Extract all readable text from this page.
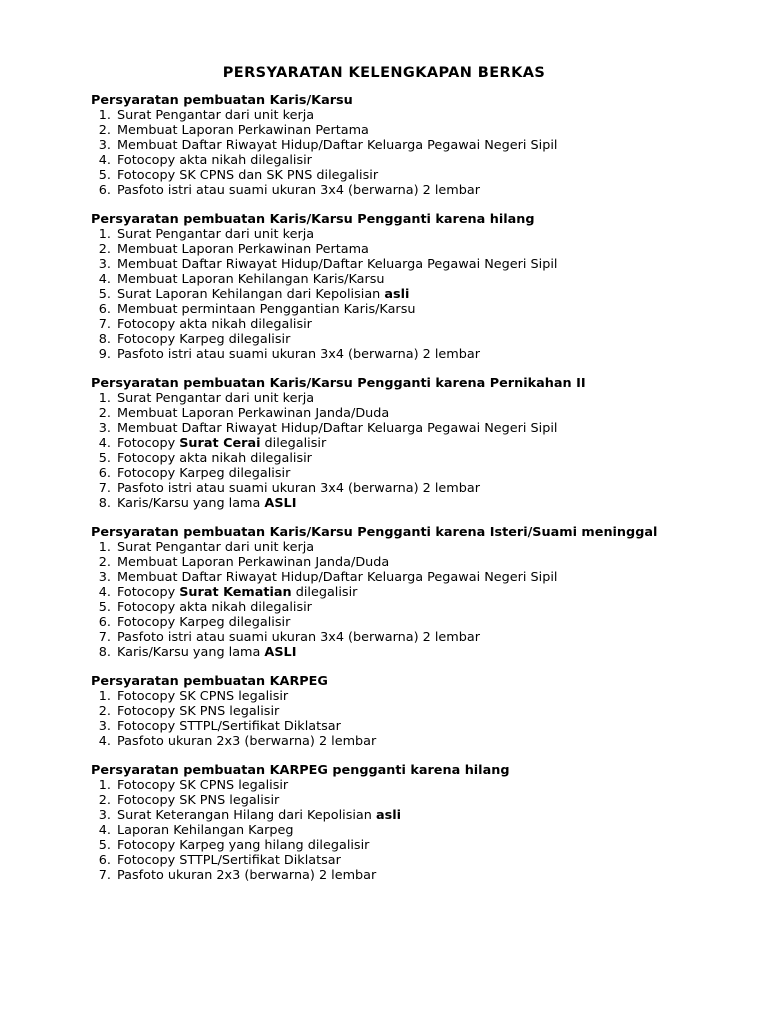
PERSYARATAN KELENGKAPAN BERKAS
Persyaratan pembuatan Karis/Karsu
1. Surat Pengantar dari unit kerja
2. Membuat Laporan Perkawinan Pertama
3. Membuat Daftar Riwayat Hidup/Daftar Keluarga Pegawai Negeri Sipil
4. Fotocopy akta nikah dilegalisir
5. Fotocopy SK CPNS dan SK PNS dilegalisir
6. Pasfoto istri atau suami ukuran 3x4 (berwarna) 2 lembar
Persyaratan pembuatan Karis/Karsu Pengganti karena hilang
1. Surat Pengantar dari unit kerja
2. Membuat Laporan Perkawinan Pertama
3. Membuat Daftar Riwayat Hidup/Daftar Keluarga Pegawai Negeri Sipil
4. Membuat Laporan Kehilangan Karis/Karsu
5. Surat Laporan Kehilangan dari Kepolisian asli
6. Membuat permintaan Penggantian Karis/Karsu
7. Fotocopy akta nikah dilegalisir
8. Fotocopy Karpeg dilegalisir
9. Pasfoto istri atau suami ukuran 3x4 (berwarna) 2 lembar
Persyaratan pembuatan Karis/Karsu Pengganti karena Pernikahan II
1. Surat Pengantar dari unit kerja
2. Membuat Laporan Perkawinan Janda/Duda
3. Membuat Daftar Riwayat Hidup/Daftar Keluarga Pegawai Negeri Sipil
4. Fotocopy Surat Cerai dilegalisir
5. Fotocopy akta nikah dilegalisir
6. Fotocopy Karpeg dilegalisir
7. Pasfoto istri atau suami ukuran 3x4 (berwarna) 2 lembar
8. Karis/Karsu yang lama ASLI
Persyaratan pembuatan Karis/Karsu Pengganti karena Isteri/Suami meninggal
1. Surat Pengantar dari unit kerja
2. Membuat Laporan Perkawinan Janda/Duda
3. Membuat Daftar Riwayat Hidup/Daftar Keluarga Pegawai Negeri Sipil
4. Fotocopy Surat Kematian dilegalisir
5. Fotocopy akta nikah dilegalisir
6. Fotocopy Karpeg dilegalisir
7. Pasfoto istri atau suami ukuran 3x4 (berwarna) 2 lembar
8. Karis/Karsu yang lama ASLI
Persyaratan pembuatan KARPEG
1. Fotocopy SK CPNS legalisir
2. Fotocopy SK PNS legalisir
3. Fotocopy STTPL/Sertifikat Diklatsar
4. Pasfoto ukuran 2x3 (berwarna) 2 lembar
Persyaratan pembuatan KARPEG pengganti karena hilang
1. Fotocopy SK CPNS legalisir
2. Fotocopy SK PNS legalisir
3. Surat Keterangan Hilang dari Kepolisian asli
4. Laporan Kehilangan Karpeg
5. Fotocopy Karpeg yang hilang dilegalisir
6. Fotocopy STTPL/Sertifikat Diklatsar
7. Pasfoto ukuran 2x3 (berwarna) 2 lembar
